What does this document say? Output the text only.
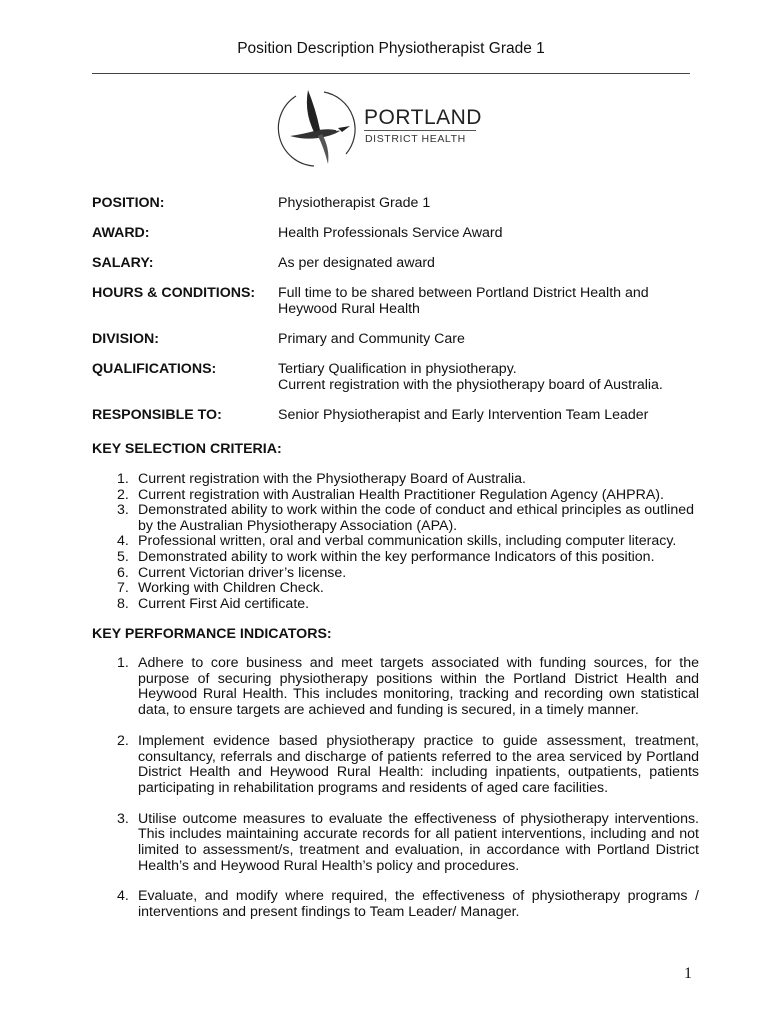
Position Description Physiotherapist Grade 1
PORTLAND
DISTRICT HEALTH
POSITION:	Physiotherapist Grade 1
AWARD:	Health Professionals Service Award
SALARY:	As per designated award
HOURS & CONDITIONS:	Full time to be shared between Portland District Health and
Heywood Rural Health
DIVISION:	Primary and Community Care
QUALIFICATIONS:	Tertiary Qualification in physiotherapy.
Current registration with the physiotherapy board of Australia.
RESPONSIBLE TO:	Senior Physiotherapist and Early Intervention Team Leader
KEY SELECTION CRITERIA:
1. Current registration with the Physiotherapy Board of Australia.
2. Current registration with Australian Health Practitioner Regulation Agency (AHPRA).
3. Demonstrated ability to work within the code of conduct and ethical principles as outlined by the Australian Physiotherapy Association (APA).
4. Professional written, oral and verbal communication skills, including computer literacy.
5. Demonstrated ability to work within the key performance Indicators of this position.
6. Current Victorian driver’s license.
7. Working with Children Check.
8. Current First Aid certificate.
KEY PERFORMANCE INDICATORS:
1. Adhere to core business and meet targets associated with funding sources, for the purpose of securing physiotherapy positions within the Portland District Health and Heywood Rural Health. This includes monitoring, tracking and recording own statistical data, to ensure targets are achieved and funding is secured, in a timely manner.
2. Implement evidence based physiotherapy practice to guide assessment, treatment, consultancy, referrals and discharge of patients referred to the area serviced by Portland District Health and Heywood Rural Health: including inpatients, outpatients, patients participating in rehabilitation programs and residents of aged care facilities.
3. Utilise outcome measures to evaluate the effectiveness of physiotherapy interventions. This includes maintaining accurate records for all patient interventions, including and not limited to assessment/s, treatment and evaluation, in accordance with Portland District Health’s and Heywood Rural Health’s policy and procedures.
4. Evaluate, and modify where required, the effectiveness of physiotherapy programs / interventions and present findings to Team Leader/ Manager.
1
